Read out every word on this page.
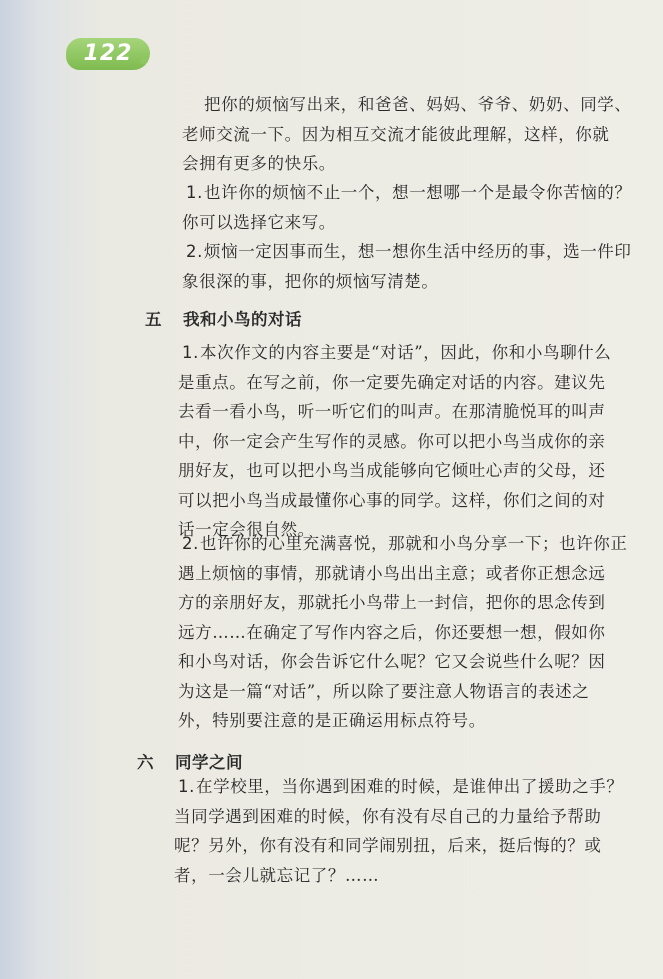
122
把你的烦恼写出来，和爸爸、妈妈、爷爷、奶奶、同学、
老师交流一下。因为相互交流才能彼此理解，这样，你就
会拥有更多的快乐。
1. 也许你的烦恼不止一个，想一想哪一个是最令你苦恼的？
你可以选择它来写。
2. 烦恼一定因事而生，想一想你生活中经历的事，选一件印
象很深的事，把你的烦恼写清楚。
五 我和小鸟的对话
1. 本次作文的内容主要是“对话”，因此，你和小鸟聊什么
是重点。在写之前，你一定要先确定对话的内容。建议先
去看一看小鸟，听一听它们的叫声。在那清脆悦耳的叫声
中，你一定会产生写作的灵感。你可以把小鸟当成你的亲
朋好友，也可以把小鸟当成能够向它倾吐心声的父母，还
可以把小鸟当成最懂你心事的同学。这样，你们之间的对
话一定会很自然。
2. 也许你的心里充满喜悦，那就和小鸟分享一下；也许你正
遇上烦恼的事情，那就请小鸟出出主意；或者你正想念远
方的亲朋好友，那就托小鸟带上一封信，把你的思念传到
远方……在确定了写作内容之后，你还要想一想，假如你
和小鸟对话，你会告诉它什么呢？它又会说些什么呢？因
为这是一篇“对话”，所以除了要注意人物语言的表述之
外，特别要注意的是正确运用标点符号。
六 同学之间
1. 在学校里，当你遇到困难的时候，是谁伸出了援助之手？
当同学遇到困难的时候，你有没有尽自己的力量给予帮助
呢？另外，你有没有和同学闹别扭，后来，挺后悔的？或
者，一会儿就忘记了？……
